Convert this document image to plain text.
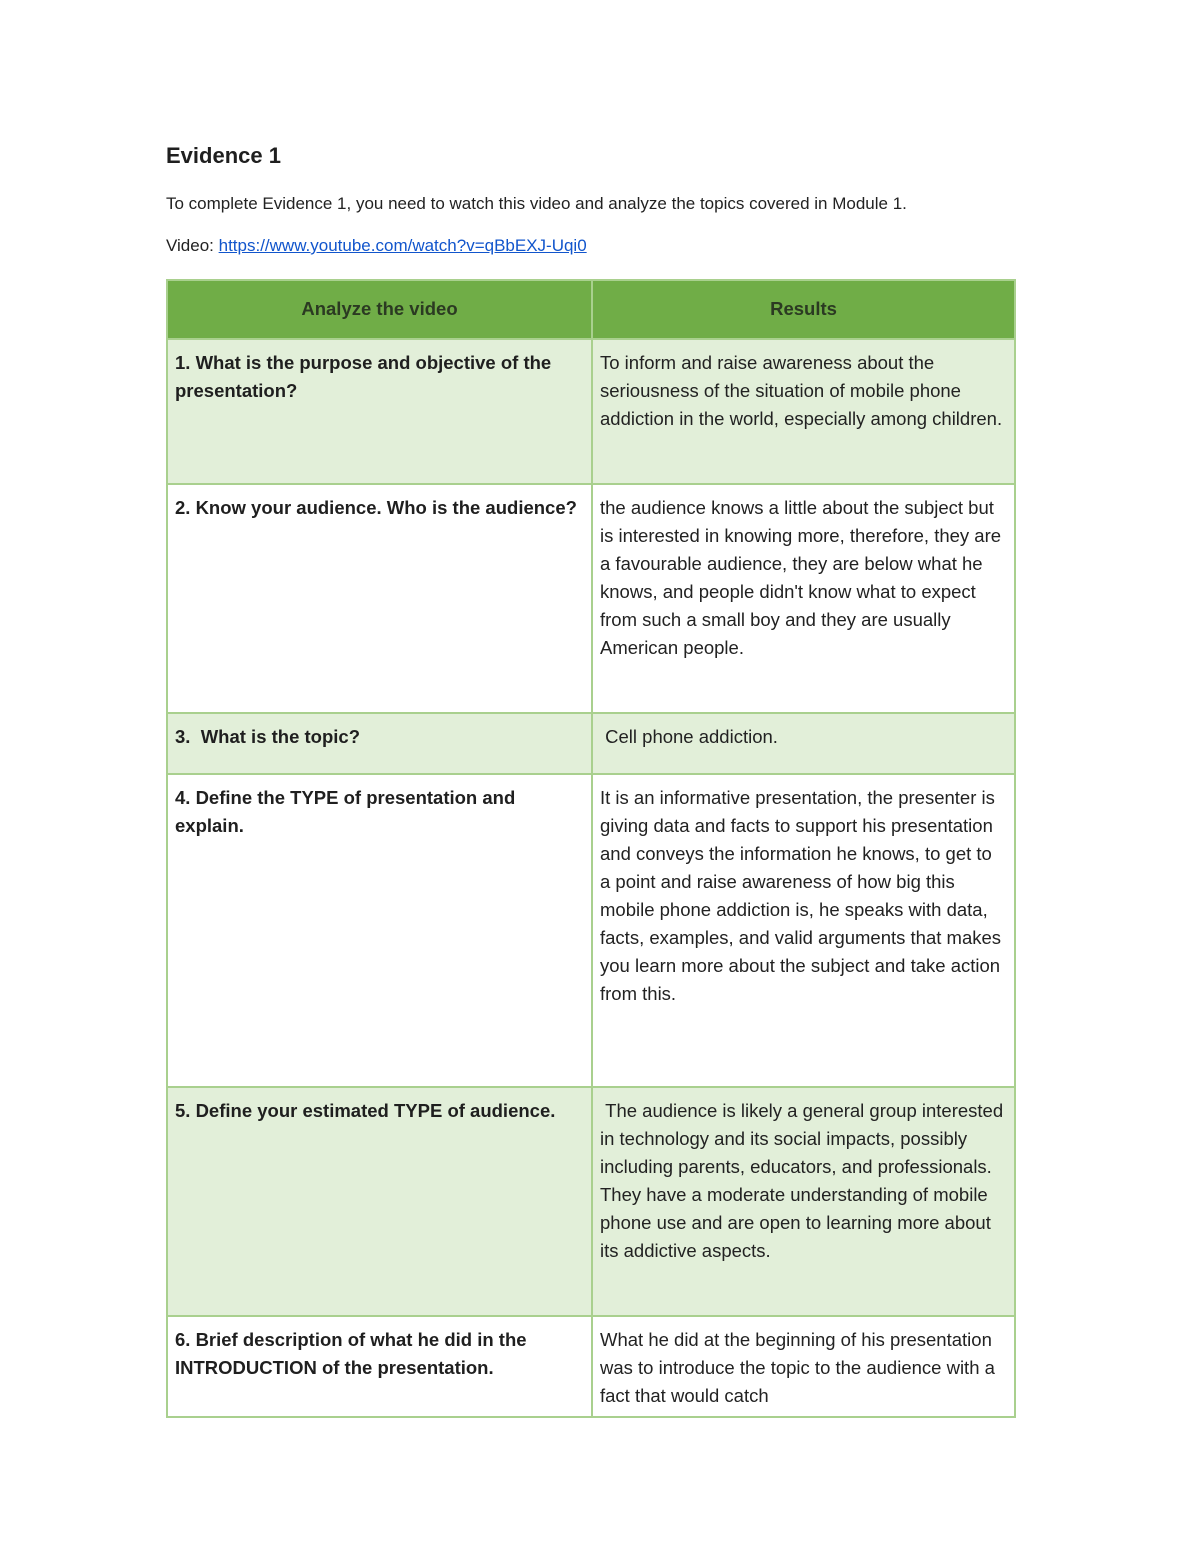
Evidence 1

To complete Evidence 1, you need to watch this video and analyze the topics covered in Module 1.

Video: https://www.youtube.com/watch?v=qBbEXJ-Uqi0

Analyze the video	Results
1. What is the purpose and objective of the presentation?	To inform and raise awareness about the seriousness of the situation of mobile phone addiction in the world, especially among children.
2. Know your audience. Who is the audience?	the audience knows a little about the subject but is interested in knowing more, therefore, they are a favourable audience, they are below what he knows, and people didn't know what to expect from such a small boy and they are usually American people.
3.  What is the topic?	Cell phone addiction.
4. Define the TYPE of presentation and explain.	It is an informative presentation, the presenter is giving data and facts to support his presentation and conveys the information he knows, to get to a point and raise awareness of how big this mobile phone addiction is, he speaks with data, facts, examples, and valid arguments that makes you learn more about the subject and take action from this.
5. Define your estimated TYPE of audience.	The audience is likely a general group interested in technology and its social impacts, possibly including parents, educators, and professionals. They have a moderate understanding of mobile phone use and are open to learning more about its addictive aspects.
6. Brief description of what he did in the INTRODUCTION of the presentation.	What he did at the beginning of his presentation was to introduce the topic to the audience with a fact that would catch
